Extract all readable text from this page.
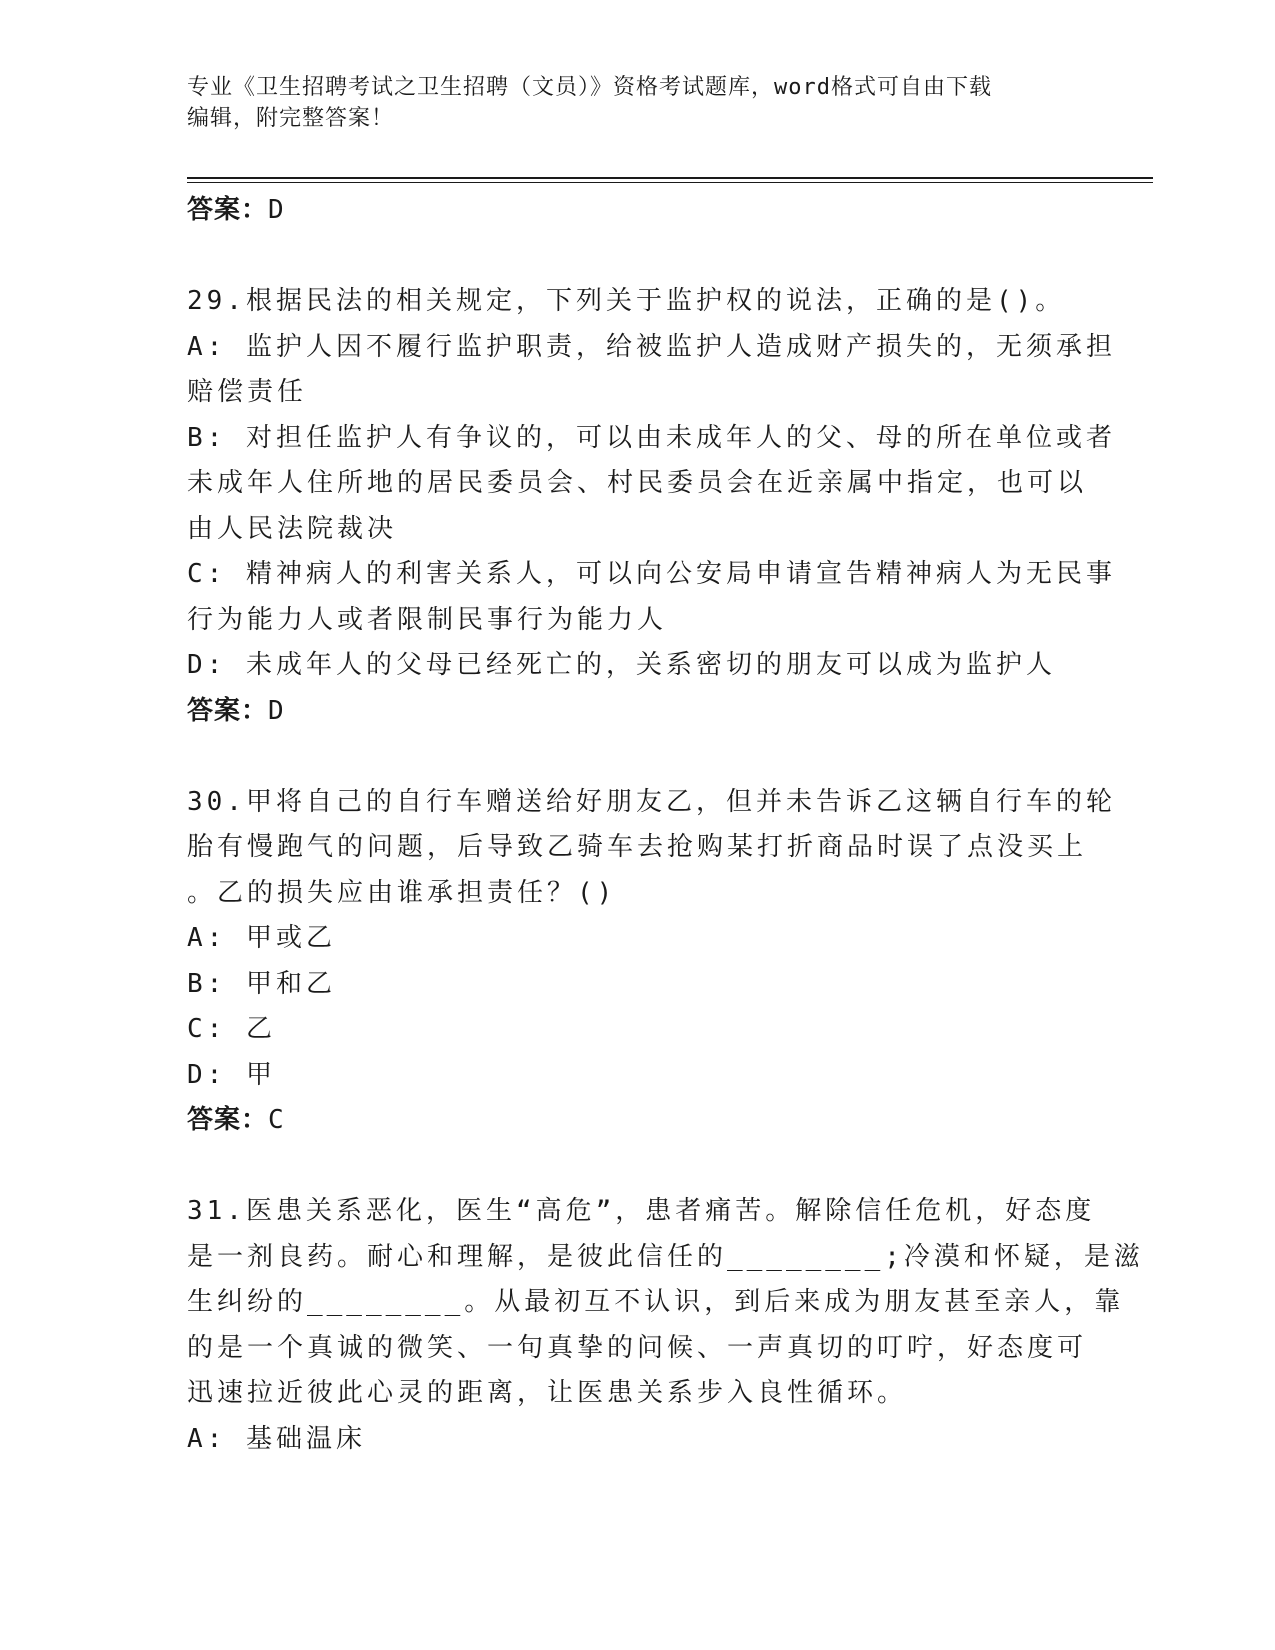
专业《卫生招聘考试之卫生招聘（文员）》资格考试题库，word格式可自由下载
编辑，附完整答案！
答案：D
29.根据民法的相关规定，下列关于监护权的说法，正确的是()。
A: 监护人因不履行监护职责，给被监护人造成财产损失的，无须承担
赔偿责任
B: 对担任监护人有争议的，可以由未成年人的父、母的所在单位或者
未成年人住所地的居民委员会、村民委员会在近亲属中指定，也可以
由人民法院裁决
C: 精神病人的利害关系人，可以向公安局申请宣告精神病人为无民事
行为能力人或者限制民事行为能力人
D: 未成年人的父母已经死亡的，关系密切的朋友可以成为监护人
答案：D
30.甲将自己的自行车赠送给好朋友乙，但并未告诉乙这辆自行车的轮
胎有慢跑气的问题，后导致乙骑车去抢购某打折商品时误了点没买上
。乙的损失应由谁承担责任？()
A: 甲或乙
B: 甲和乙
C: 乙
D: 甲
答案：C
31.医患关系恶化，医生“高危”，患者痛苦。解除信任危机，好态度
是一剂良药。耐心和理解，是彼此信任的________;冷漠和怀疑，是滋
生纠纷的________。从最初互不认识，到后来成为朋友甚至亲人，靠
的是一个真诚的微笑、一句真挚的问候、一声真切的叮咛，好态度可
迅速拉近彼此心灵的距离，让医患关系步入良性循环。
A: 基础温床
